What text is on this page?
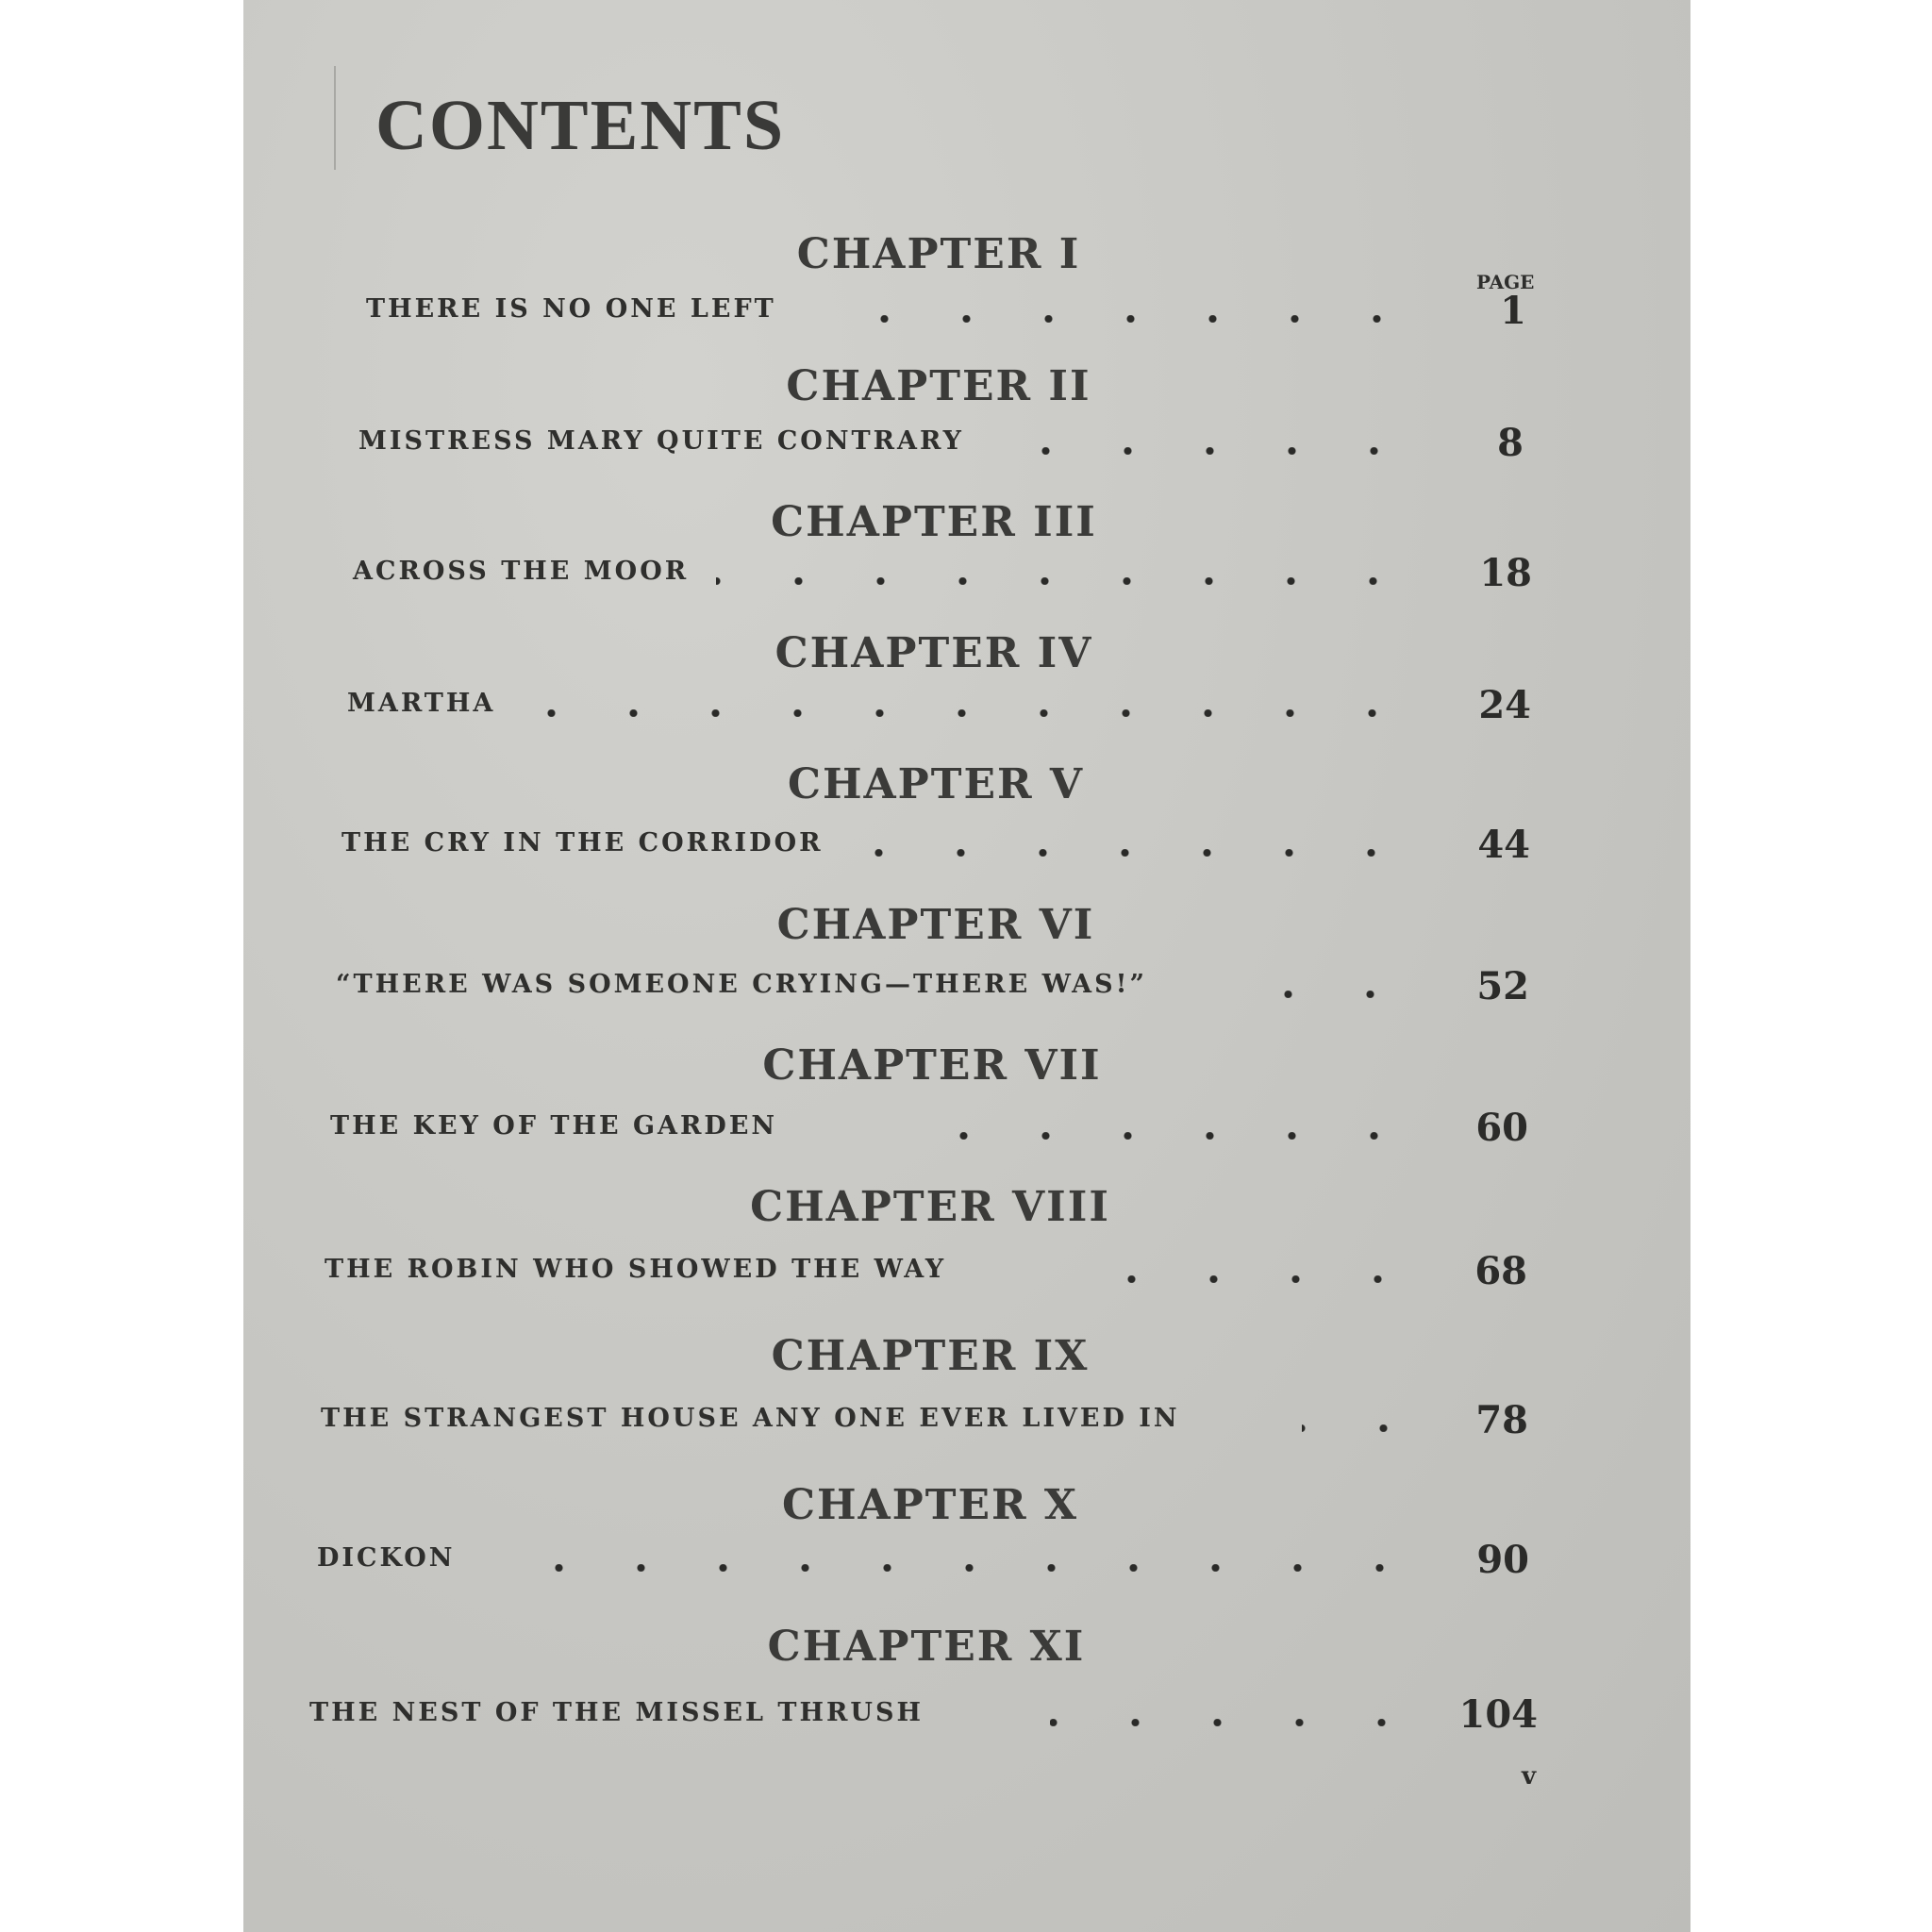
CONTENTS
PAGE
CHAPTER I
THERE IS NO ONE LEFT	1
CHAPTER II
MISTRESS MARY QUITE CONTRARY	8
CHAPTER III
ACROSS THE MOOR	18
CHAPTER IV
MARTHA	24
CHAPTER V
THE CRY IN THE CORRIDOR	44
CHAPTER VI
“THERE WAS SOMEONE CRYING—THERE WAS!”	52
CHAPTER VII
THE KEY OF THE GARDEN	60
CHAPTER VIII
THE ROBIN WHO SHOWED THE WAY	68
CHAPTER IX
THE STRANGEST HOUSE ANY ONE EVER LIVED IN	78
CHAPTER X
DICKON	90
CHAPTER XI
THE NEST OF THE MISSEL THRUSH	104
v
